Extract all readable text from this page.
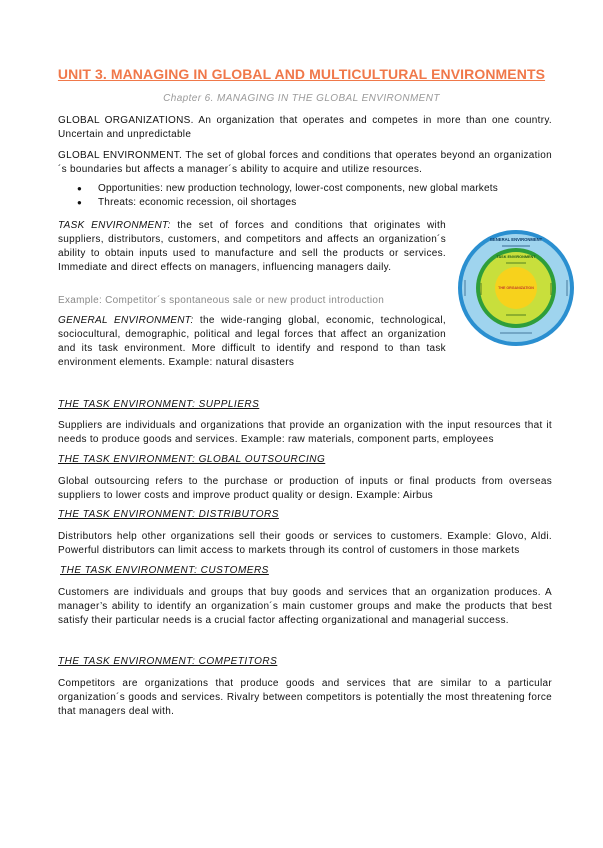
UNIT 3. MANAGING IN GLOBAL AND MULTICULTURAL ENVIRONMENTS
Chapter 6. MANAGING IN THE GLOBAL ENVIRONMENT

GLOBAL ORGANIZATIONS. An organization that operates and competes in more than one country. Uncertain and unpredictable

GLOBAL ENVIRONMENT. The set of global forces and conditions that operates beyond an organization´s boundaries but affects a manager´s ability to acquire and utilize resources.

● Opportunities: new production technology, lower-cost components, new global markets
● Threats: economic recession, oil shortages

TASK ENVIRONMENT: the set of forces and conditions that originates with suppliers, distributors, customers, and competitors and affects an organization´s ability to obtain inputs used to manufacture and sell the products or services. Immediate and direct effects on managers, influencing managers daily.

Example: Competitor´s spontaneous sale or new product introduction

GENERAL ENVIRONMENT: the wide-ranging global, economic, technological, sociocultural, demographic, political and legal forces that affect an organization and its task environment. More difficult to identify and respond to than task environment elements. Example: natural disasters

GENERAL ENVIRONMENT
TASK ENVIRONMENT
THE ORGANIZATION

THE TASK ENVIRONMENT: SUPPLIERS

Suppliers are individuals and organizations that provide an organization with the input resources that it needs to produce goods and services. Example: raw materials, component parts, employees

THE TASK ENVIRONMENT: GLOBAL OUTSOURCING

Global outsourcing refers to the purchase or production of inputs or final products from overseas suppliers to lower costs and improve product quality or design. Example: Airbus

THE TASK ENVIRONMENT: DISTRIBUTORS

Distributors help other organizations sell their goods or services to customers. Example: Glovo, Aldi. Powerful distributors can limit access to markets through its control of customers in those markets

THE TASK ENVIRONMENT: CUSTOMERS

Customers are individuals and groups that buy goods and services that an organization produces. A manager’s ability to identify an organization´s main customer groups and make the products that best satisfy their particular needs is a crucial factor affecting organizational and managerial success.

THE TASK ENVIRONMENT: COMPETITORS

Competitors are organizations that produce goods and services that are similar to a particular organization´s goods and services. Rivalry between competitors is potentially the most threatening force that managers deal with.
